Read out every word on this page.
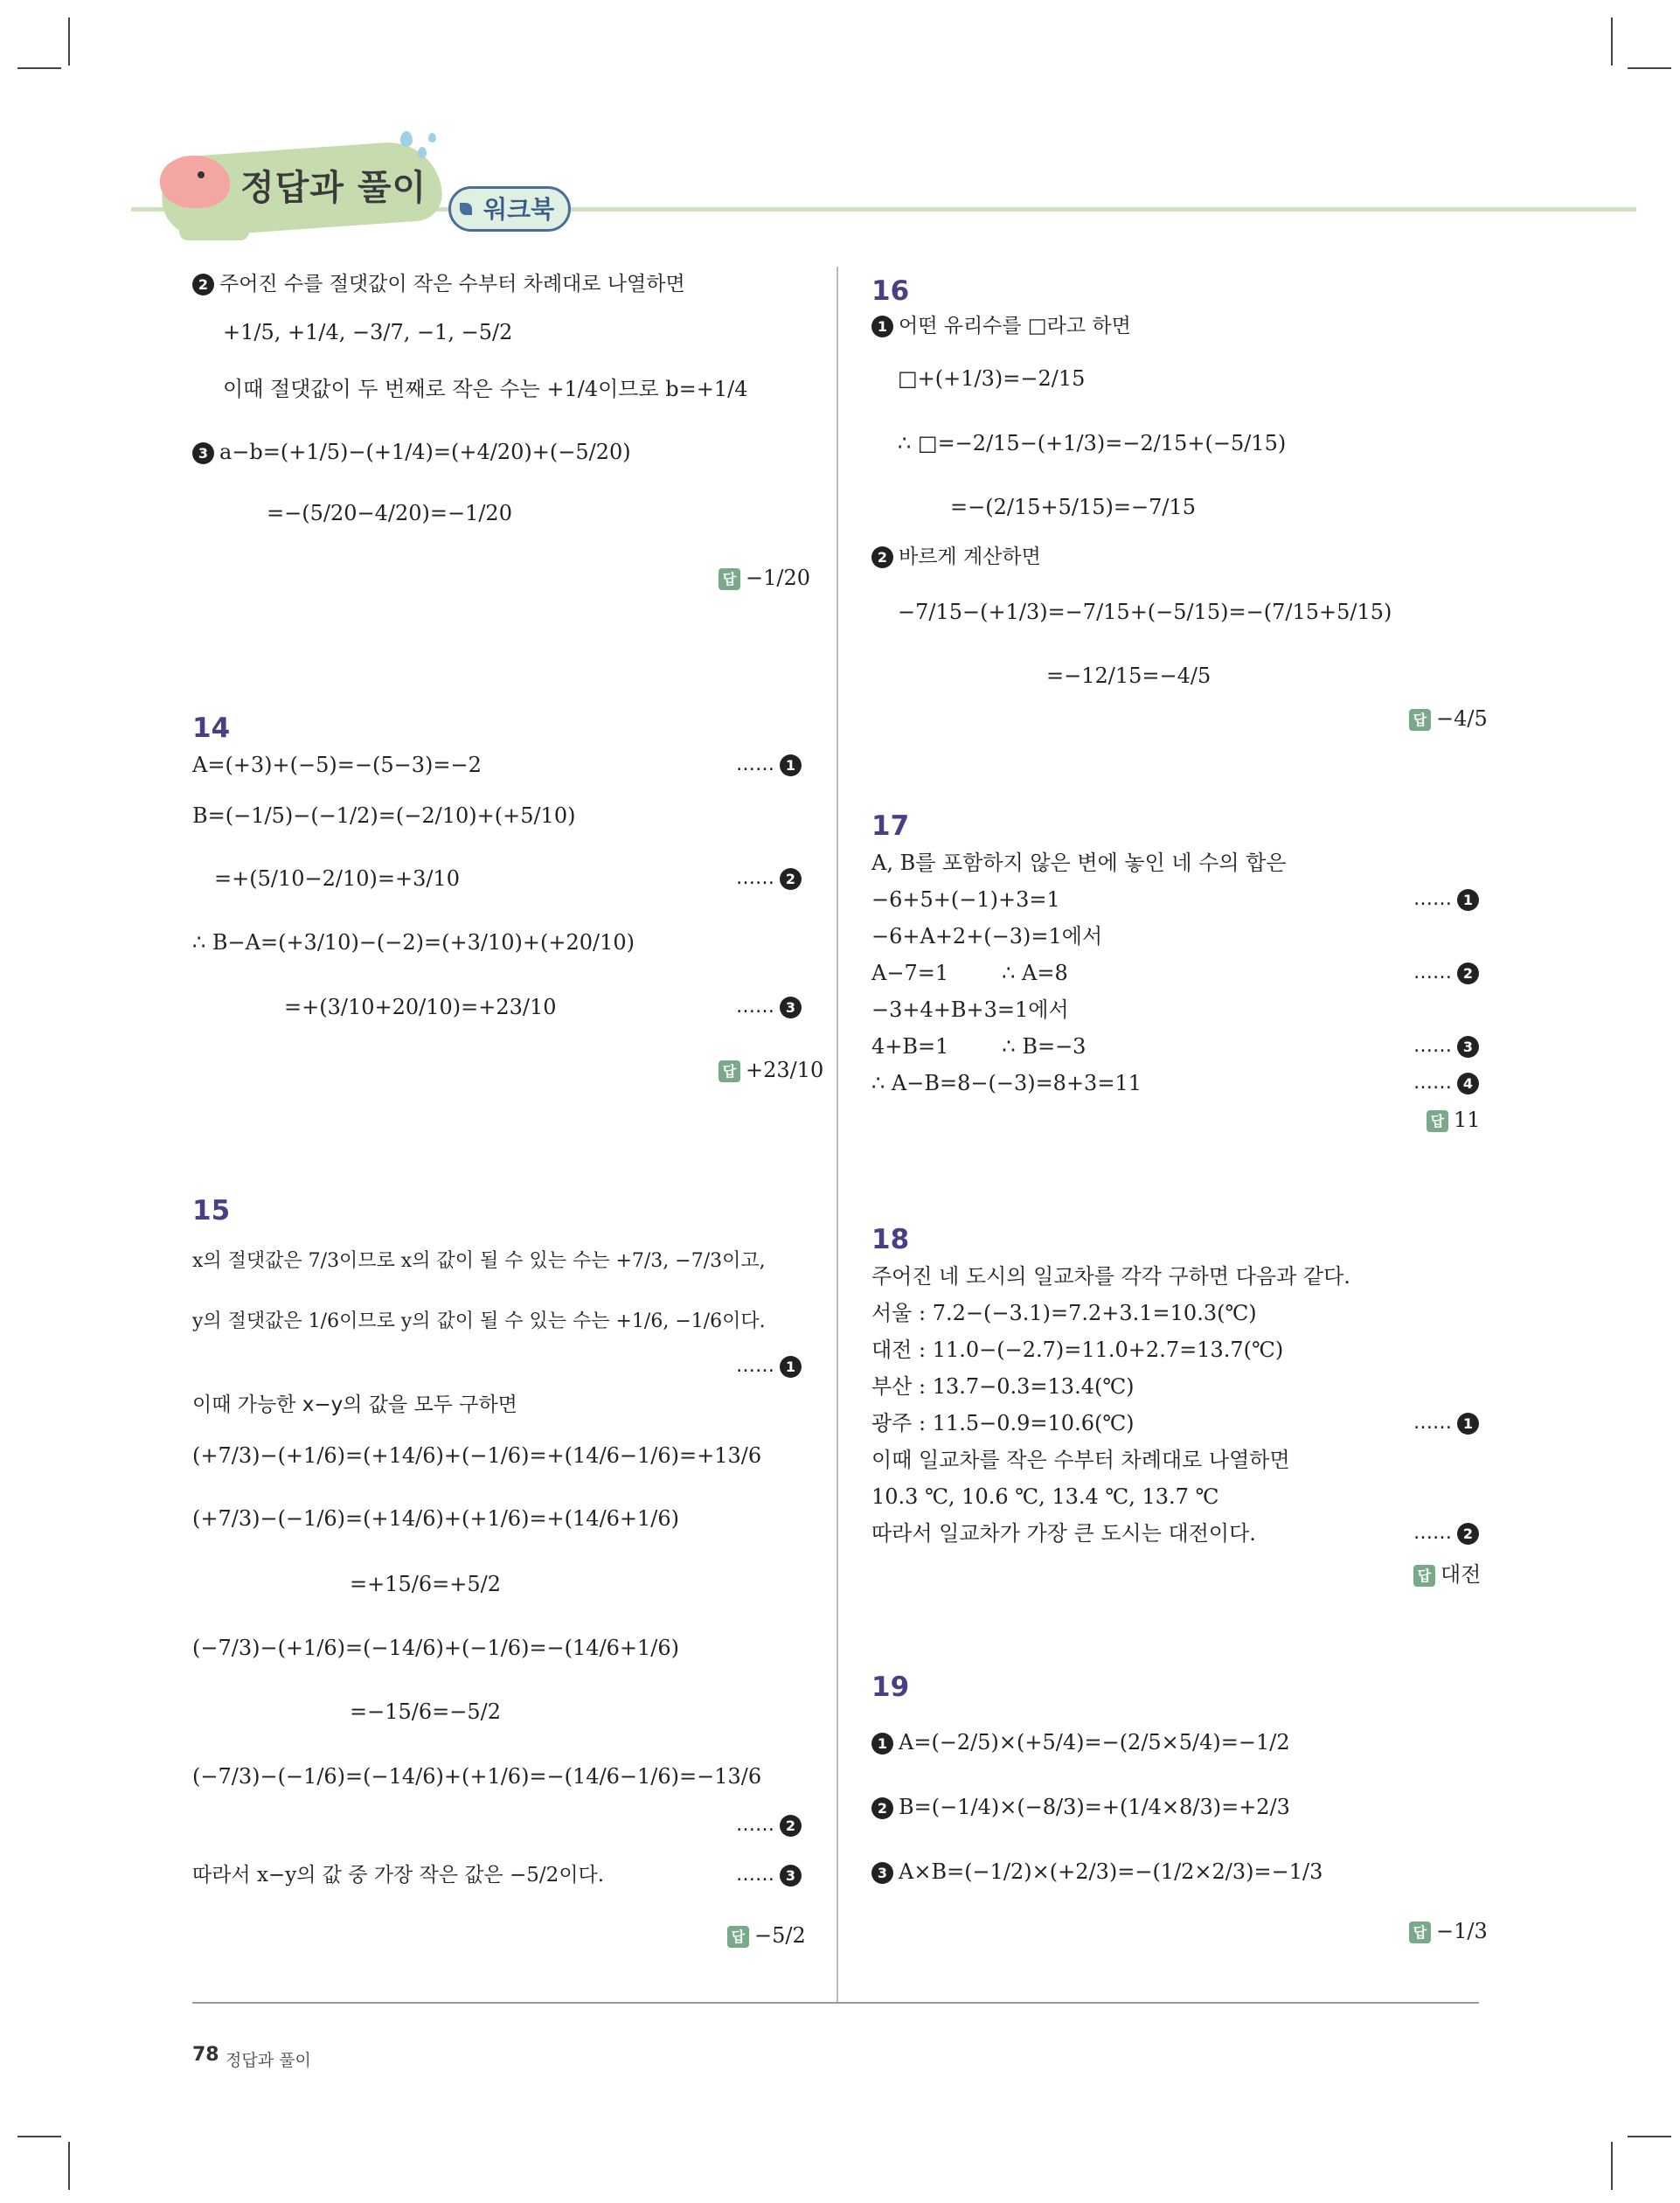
정답과 풀이
워크북
2 주어진 수를 절댓값이 작은 수부터 차례대로 나열하면
+1/5, +1/4, −3/7, −1, −5/2
이때 절댓값이 두 번째로 작은 수는 +1/4이므로 b=+1/4
3 a−b=(+1/5)−(+1/4)=(+4/20)+(−5/20)
=−(5/20−4/20)=−1/20
답 −1/20
14
A=(+3)+(−5)=−(5−3)=−2	…… 1
B=(−1/5)−(−1/2)=(−2/10)+(+5/10)
=+(5/10−2/10)=+3/10	…… 2
∴ B−A=(+3/10)−(−2)=(+3/10)+(+20/10)
=+(3/10+20/10)=+23/10	…… 3
답 +23/10
15
x의 절댓값은 7/3이므로 x의 값이 될 수 있는 수는 +7/3, −7/3이고,
y의 절댓값은 1/6이므로 y의 값이 될 수 있는 수는 +1/6, −1/6이다.
…… 1
이때 가능한 x−y의 값을 모두 구하면
(+7/3)−(+1/6)=(+14/6)+(−1/6)=+(14/6−1/6)=+13/6
(+7/3)−(−1/6)=(+14/6)+(+1/6)=+(14/6+1/6)
=+15/6=+5/2
(−7/3)−(+1/6)=(−14/6)+(−1/6)=−(14/6+1/6)
=−15/6=−5/2
(−7/3)−(−1/6)=(−14/6)+(+1/6)=−(14/6−1/6)=−13/6
…… 2
따라서 x−y의 값 중 가장 작은 값은 −5/2이다.	…… 3
답 −5/2
16
1 어떤 유리수를 □라고 하면
□+(+1/3)=−2/15
∴ □=−2/15−(+1/3)=−2/15+(−5/15)
=−(2/15+5/15)=−7/15
2 바르게 계산하면
−7/15−(+1/3)=−7/15+(−5/15)=−(7/15+5/15)
=−12/15=−4/5
답 −4/5
17
A, B를 포함하지 않은 변에 놓인 네 수의 합은
−6+5+(−1)+3=1	…… 1
−6+A+2+(−3)=1에서
A−7=1        ∴ A=8	…… 2
−3+4+B+3=1에서
4+B=1        ∴ B=−3	…… 3
∴ A−B=8−(−3)=8+3=11	…… 4
답 11
18
주어진 네 도시의 일교차를 각각 구하면 다음과 같다.
서울 : 7.2−(−3.1)=7.2+3.1=10.3(℃)
대전 : 11.0−(−2.7)=11.0+2.7=13.7(℃)
부산 : 13.7−0.3=13.4(℃)
광주 : 11.5−0.9=10.6(℃)	…… 1
이때 일교차를 작은 수부터 차례대로 나열하면
10.3 ℃, 10.6 ℃, 13.4 ℃, 13.7 ℃
따라서 일교차가 가장 큰 도시는 대전이다.	…… 2
답 대전
19
1 A=(−2/5)×(+5/4)=−(2/5×5/4)=−1/2
2 B=(−1/4)×(−8/3)=+(1/4×8/3)=+2/3
3 A×B=(−1/2)×(+2/3)=−(1/2×2/3)=−1/3
답 −1/3
78 정답과 풀이
